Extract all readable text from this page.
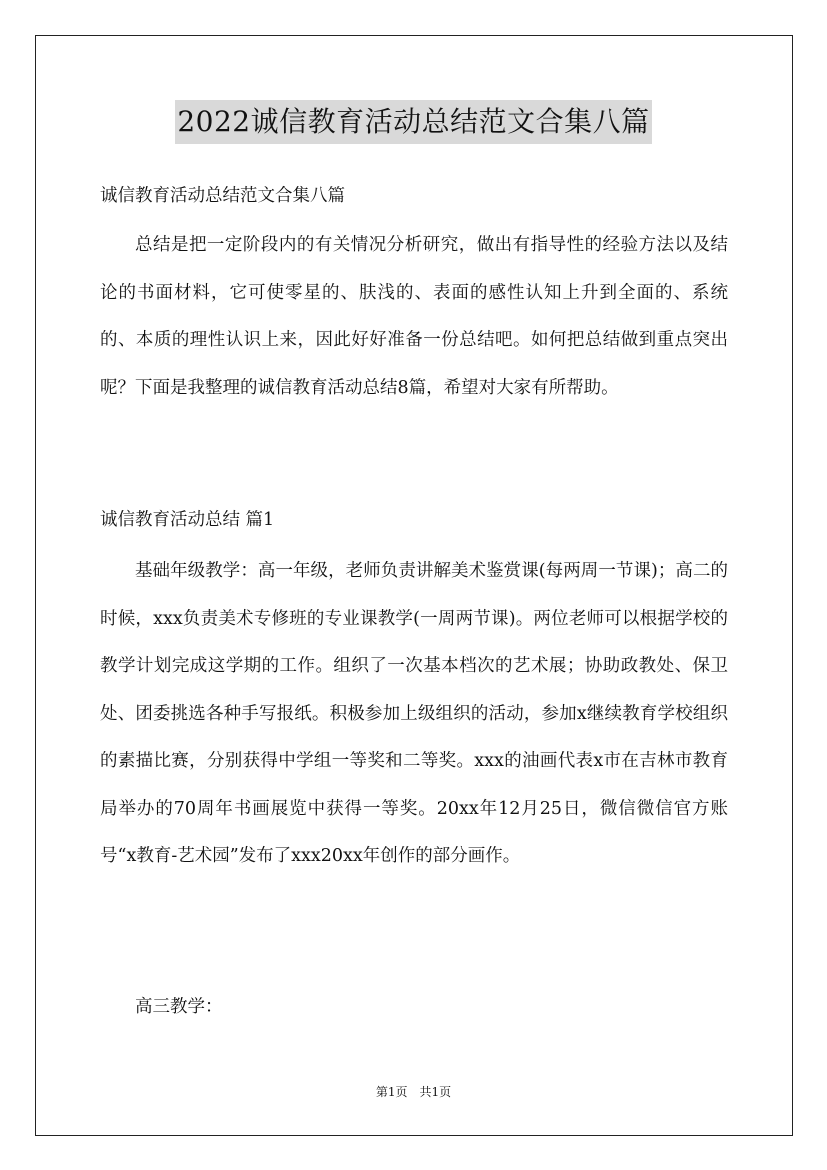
2022诚信教育活动总结范文合集八篇
诚信教育活动总结范文合集八篇

总结是把一定阶段内的有关情况分析研究，做出有指导性的经验方法以及结论的书面材料，它可使零星的、肤浅的、表面的感性认知上升到全面的、系统的、本质的理性认识上来，因此好好准备一份总结吧。如何把总结做到重点突出呢？下面是我整理的诚信教育活动总结8篇，希望对大家有所帮助。

诚信教育活动总结 篇1

基础年级教学：高一年级，老师负责讲解美术鉴赏课(每两周一节课)；高二的时候，xxx负责美术专修班的专业课教学(一周两节课)。两位老师可以根据学校的教学计划完成这学期的工作。组织了一次基本档次的艺术展；协助政教处、保卫处、团委挑选各种手写报纸。积极参加上级组织的活动，参加x继续教育学校组织的素描比赛，分别获得中学组一等奖和二等奖。xxx的油画代表x市在吉林市教育局举办的70周年书画展览中获得一等奖。20xx年12月25日，微信微信官方账号“x教育-艺术园”发布了xxx20xx年创作的部分画作。

高三教学：
第1页　共1页
